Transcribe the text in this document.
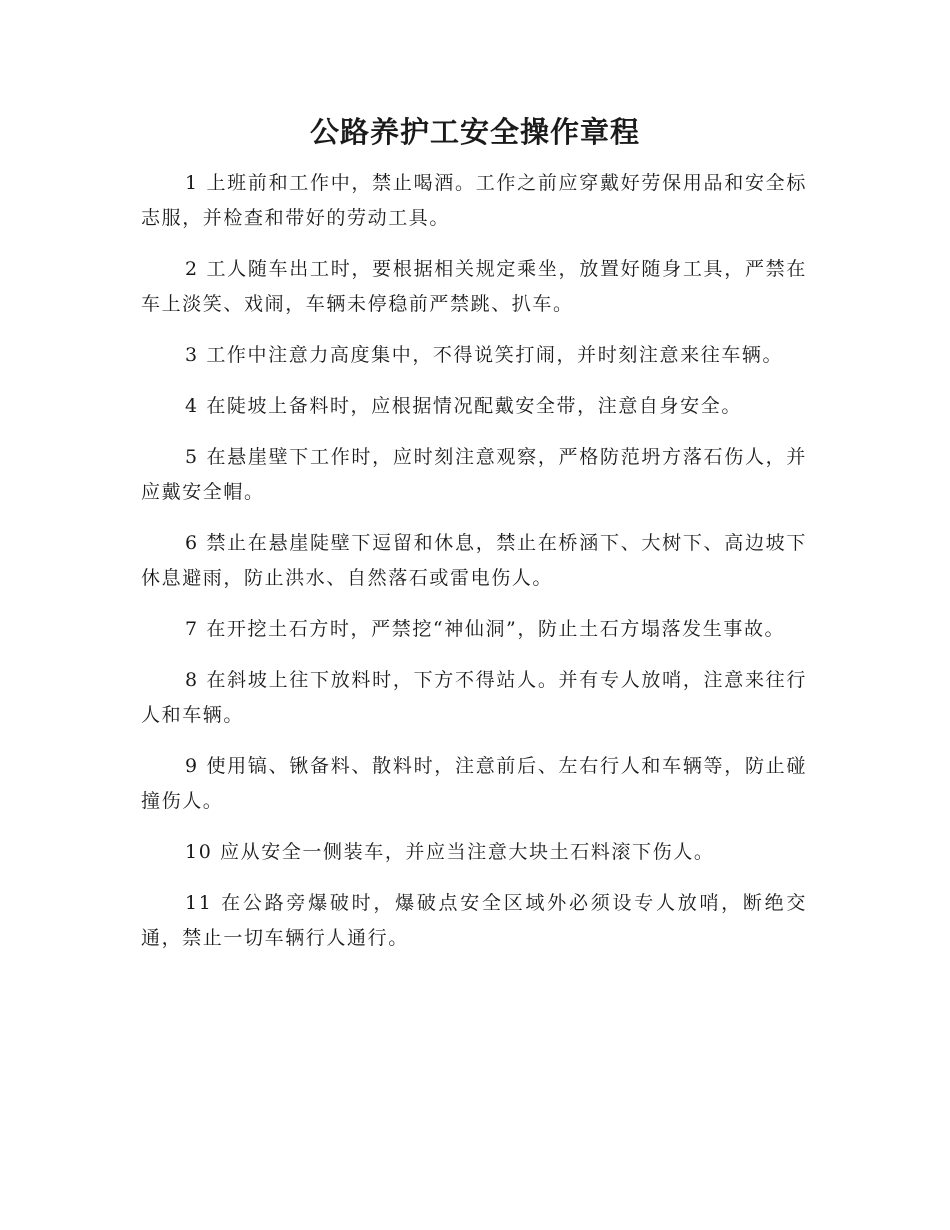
公路养护工安全操作章程

1 上班前和工作中，禁止喝酒。工作之前应穿戴好劳保用品和安全标志服，并检查和带好的劳动工具。

2 工人随车出工时，要根据相关规定乘坐，放置好随身工具，严禁在车上淡笑、戏闹，车辆未停稳前严禁跳、扒车。

3 工作中注意力高度集中，不得说笑打闹，并时刻注意来往车辆。

4 在陡坡上备料时，应根据情况配戴安全带，注意自身安全。

5 在悬崖壁下工作时，应时刻注意观察，严格防范坍方落石伤人，并应戴安全帽。

6 禁止在悬崖陡壁下逗留和休息，禁止在桥涵下、大树下、高边坡下休息避雨，防止洪水、自然落石或雷电伤人。

7 在开挖土石方时，严禁挖“神仙洞”，防止土石方塌落发生事故。

8 在斜坡上往下放料时，下方不得站人。并有专人放哨，注意来往行人和车辆。

9 使用镐、锹备料、散料时，注意前后、左右行人和车辆等，防止碰撞伤人。

10 应从安全一侧装车，并应当注意大块土石料滚下伤人。

11 在公路旁爆破时，爆破点安全区域外必须设专人放哨，断绝交通，禁止一切车辆行人通行。
